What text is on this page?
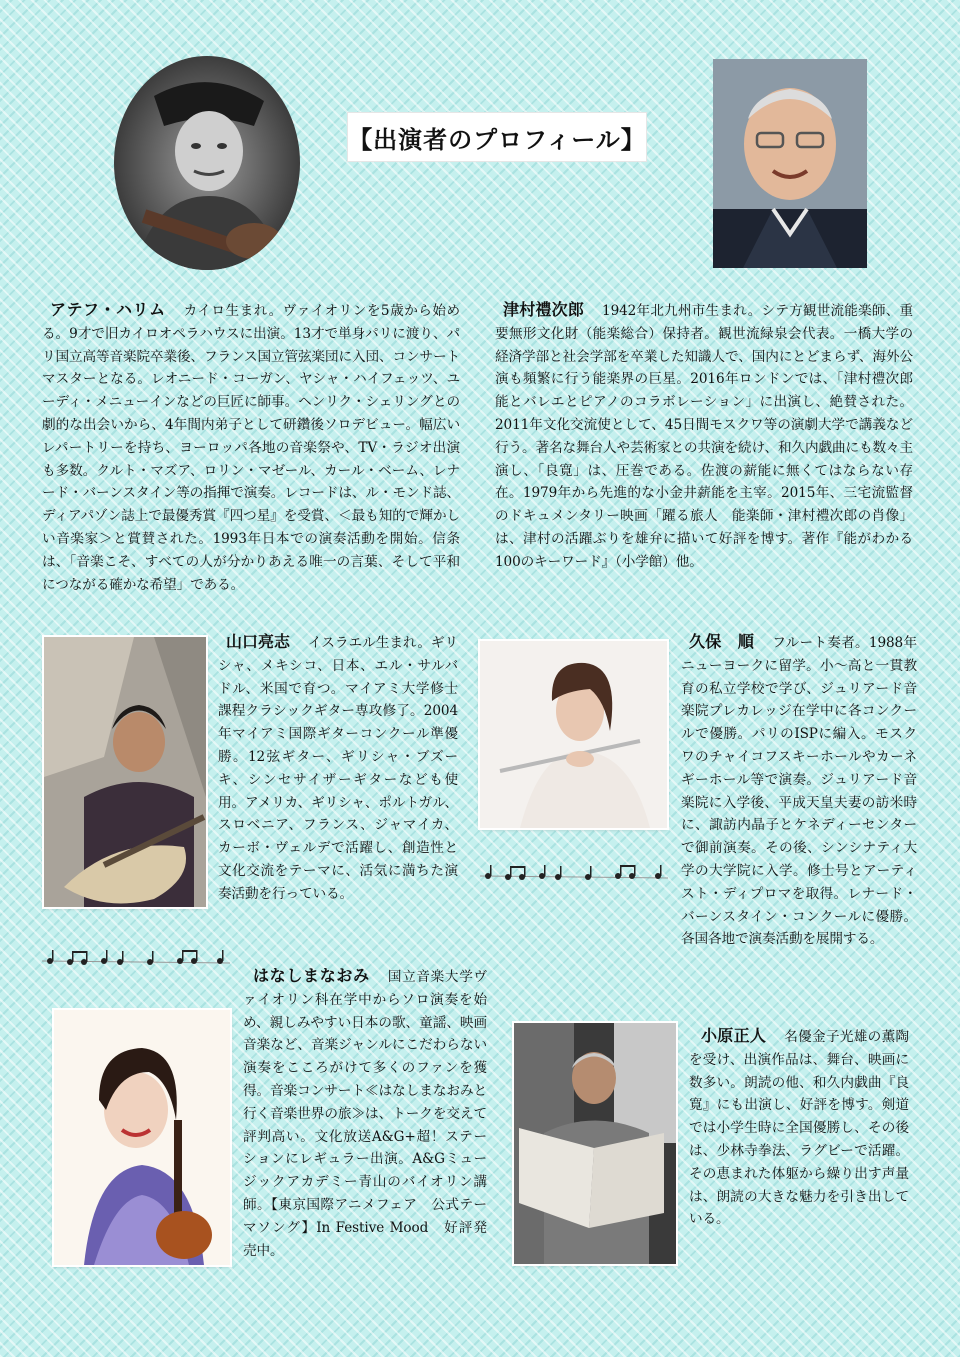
【出演者のプロフィール】

アテフ・ハリム カイロ生まれ。ヴァイオリンを5歳から始める。9才で旧カイロオペラハウスに出演。13才で単身パリに渡り、パリ国立高等音楽院卒業後、フランス国立管弦楽団に入団、コンサートマスターとなる。レオニード・コーガン、ヤシャ・ハイフェッツ、ユーディ・メニューインなどの巨匠に師事。ヘンリク・シェリングとの劇的な出会いから、4年間内弟子として研鑽後ソロデビュー。幅広いレパートリーを持ち、ヨーロッパ各地の音楽祭や、TV・ラジオ出演も多数。クルト・マズア、ロリン・マゼール、カール・ベーム、レナード・バーンスタイン等の指揮で演奏。レコードは、ル・モンド誌、ディアパゾン誌上で最優秀賞『四つ星』を受賞、＜最も知的で輝かしい音楽家＞と賞賛された。1993年日本での演奏活動を開始。信条は、「音楽こそ、すべての人が分かりあえる唯一の言葉、そして平和につながる確かな希望」である。

津村禮次郎 1942年北九州市生まれ。シテ方観世流能楽師、重要無形文化財（能楽総合）保持者。観世流緑泉会代表。一橋大学の経済学部と社会学部を卒業した知識人で、国内にとどまらず、海外公演も頻繁に行う能楽界の巨星。2016年ロンドンでは、「津村禮次郎　能とバレエとピアノのコラボレーション」に出演し、絶賛された。2011年文化交流使として、45日間モスクワ等の演劇大学で講義など行う。著名な舞台人や芸術家との共演を続け、和久内戯曲にも数々主演し、「良寛」は、圧巻である。佐渡の薪能に無くてはならない存在。1979年から先進的な小金井薪能を主宰。2015年、三宅流監督のドキュメンタリー映画「躍る旅人　能楽師・津村禮次郎の肖像」は、津村の活躍ぶりを雄弁に描いて好評を博す。著作『能がわかる100のキーワード』（小学館）他。

山口亮志 イスラエル生まれ。ギリシャ、メキシコ、日本、エル・サルバドル、米国で育つ。マイアミ大学修士課程クラシックギター専攻修了。2004年マイアミ国際ギターコンクール準優勝。12弦ギター、ギリシャ・ブズーキ、シンセサイザーギターなども使用。アメリカ、ギリシャ、ポルトガル、スロベニア、フランス、ジャマイカ、カーボ・ヴェルデで活躍し、創造性と文化交流をテーマに、活気に満ちた演奏活動を行っている。

久保　順 フルート奏者。1988年ニューヨークに留学。小～高と一貫教育の私立学校で学び、ジュリアード音楽院プレカレッジ在学中に各コンクールで優勝。パリのISPに編入。モスクワのチャイコフスキーホールやカーネギーホール等で演奏。ジュリアード音楽院に入学後、平成天皇夫妻の訪米時に、諏訪内晶子とケネディーセンターで御前演奏。その後、シンシナティ大学の大学院に入学。修士号とアーティスト・ディプロマを取得。レナード・バーンスタイン・コンクールに優勝。各国各地で演奏活動を展開する。

はなしまなおみ 国立音楽大学ヴァイオリン科在学中からソロ演奏を始め、親しみやすい日本の歌、童謡、映画音楽など、音楽ジャンルにこだわらない演奏をこころがけて多くのファンを獲得。音楽コンサート≪はなしまなおみと行く音楽世界の旅≫は、トークを交えて評判高い。文化放送A&G+超！ステーションにレギュラー出演。A&Gミュージックアカデミー青山のバイオリン講師。【東京国際アニメフェア　公式テーマソング】In Festive Mood　好評発売中。

小原正人 名優金子光雄の薫陶を受け、出演作品は、舞台、映画に数多い。朗読の他、和久内戯曲『良寛』にも出演し、好評を博す。剣道では小学生時に全国優勝し、その後は、少林寺拳法、ラグビーで活躍。その恵まれた体躯から繰り出す声量は、朗読の大きな魅力を引き出している。
